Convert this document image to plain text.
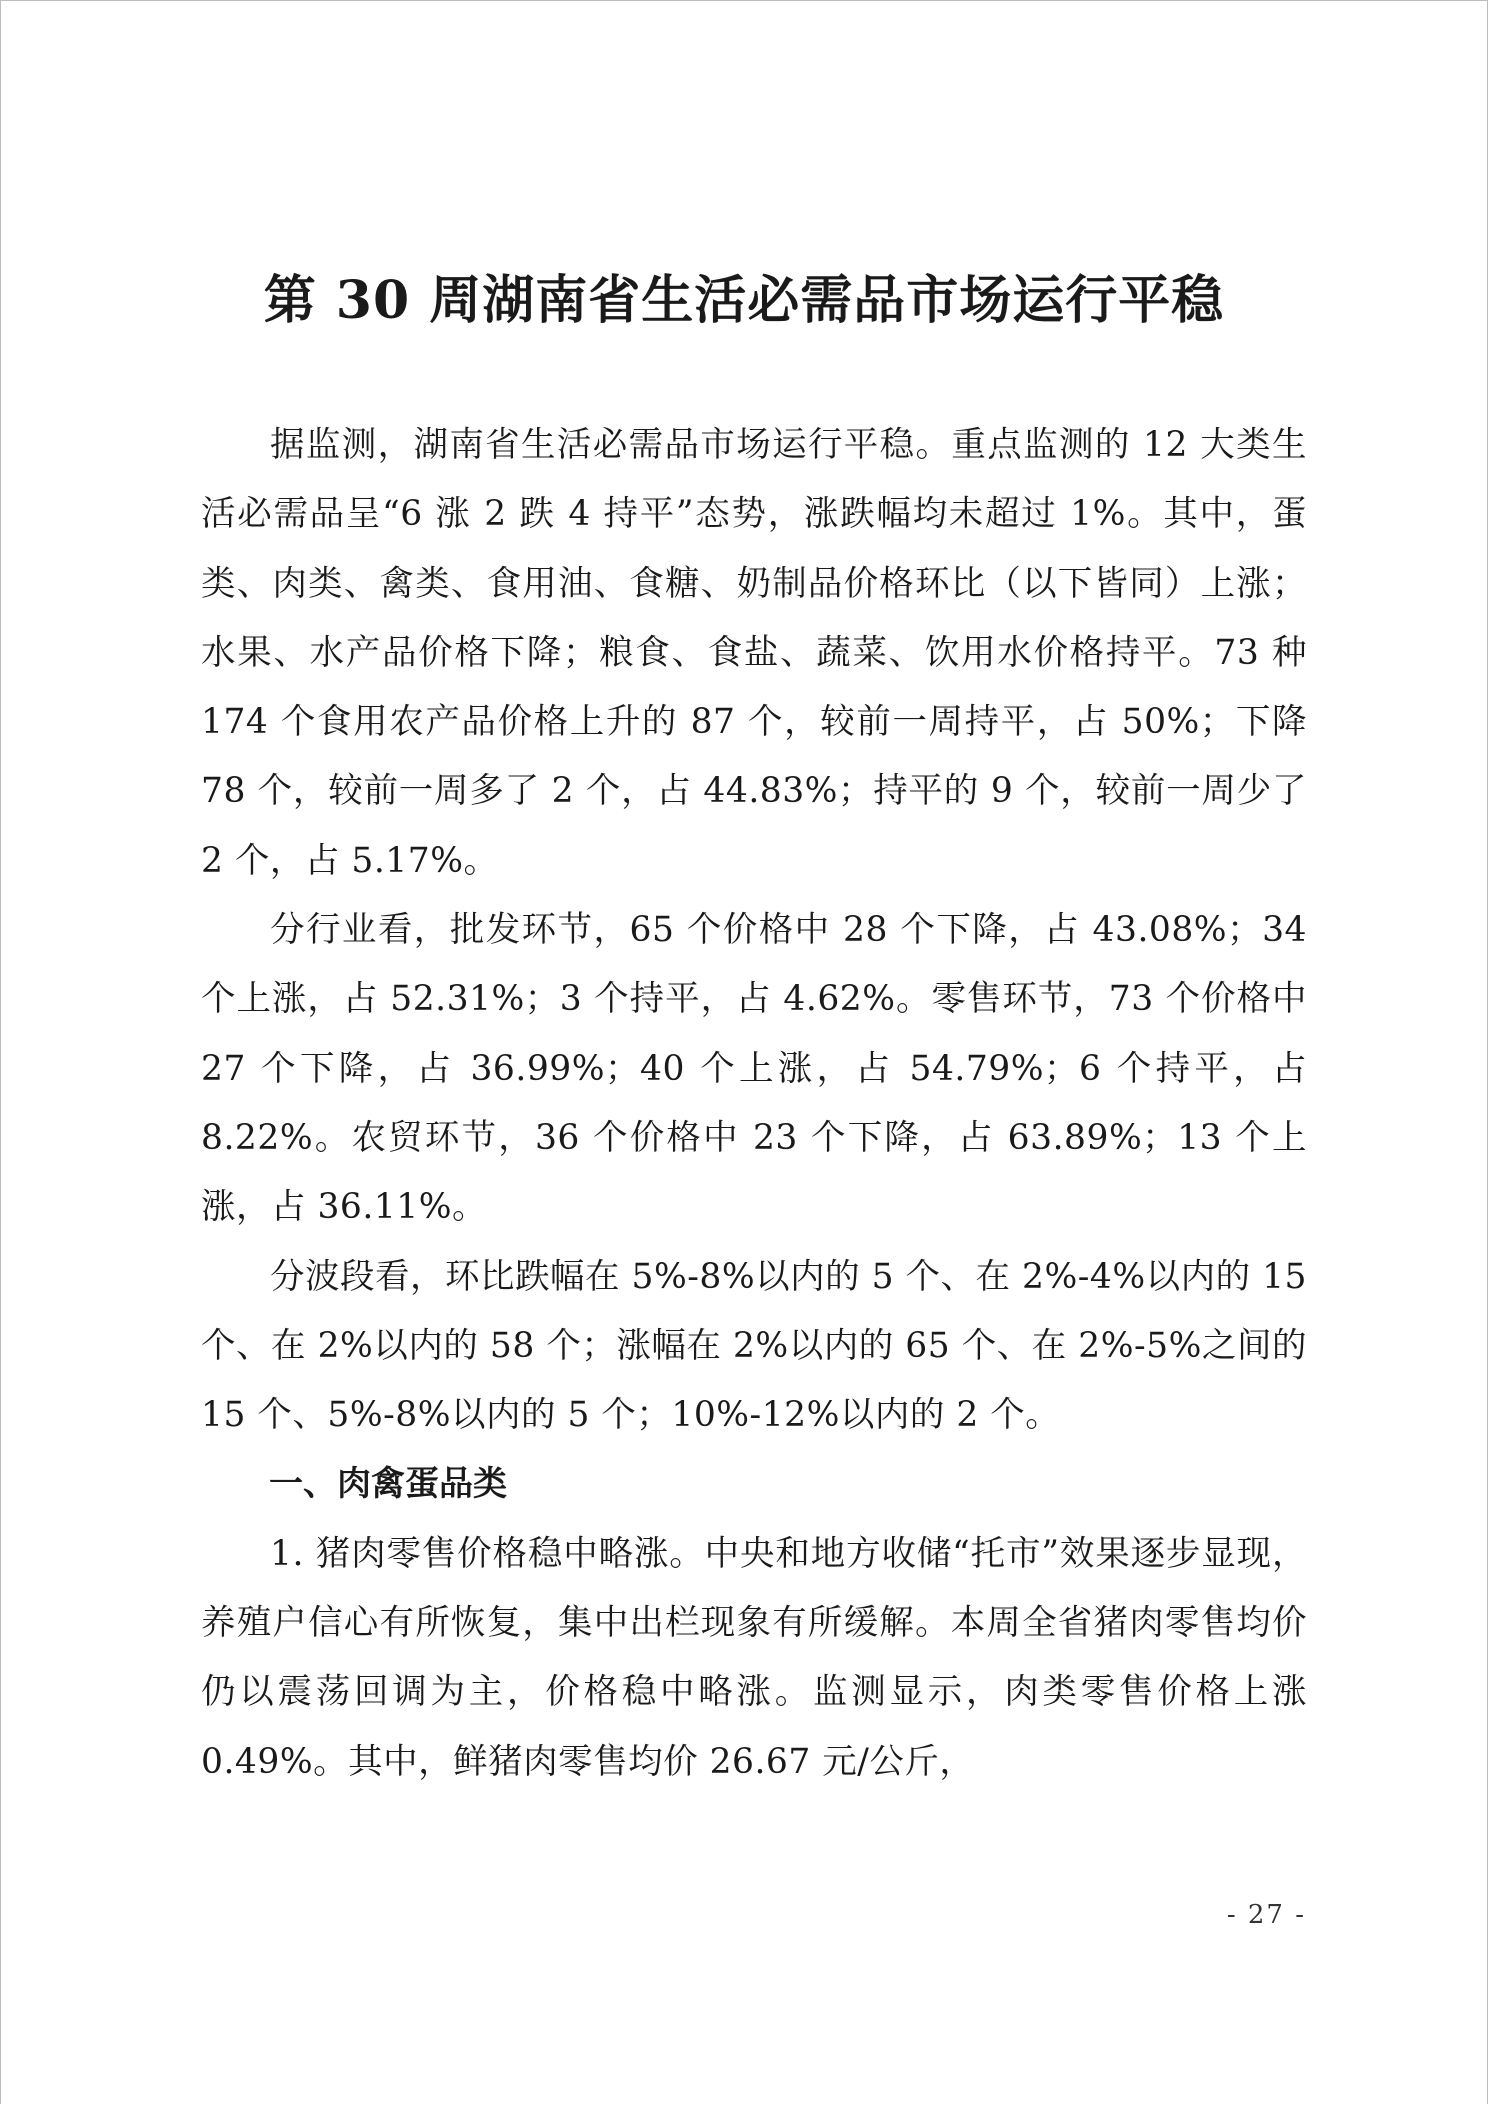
第 30 周湖南省生活必需品市场运行平稳

据监测，湖南省生活必需品市场运行平稳。重点监测的 12 大类生活必需品呈“6 涨 2 跌 4 持平”态势，涨跌幅均未超过 1%。其中，蛋类、肉类、禽类、食用油、食糖、奶制品价格环比（以下皆同）上涨；水果、水产品价格下降；粮食、食盐、蔬菜、饮用水价格持平。73 种 174 个食用农产品价格上升的 87 个，较前一周持平，占 50%；下降 78 个，较前一周多了 2 个，占 44.83%；持平的 9 个，较前一周少了 2 个，占 5.17%。

分行业看，批发环节，65 个价格中 28 个下降，占 43.08%；34 个上涨，占 52.31%；3 个持平，占 4.62%。零售环节，73 个价格中 27 个下降，占 36.99%；40 个上涨，占 54.79%；6 个持平，占 8.22%。农贸环节，36 个价格中 23 个下降，占 63.89%；13 个上涨，占 36.11%。

分波段看，环比跌幅在 5%-8%以内的 5 个、在 2%-4%以内的 15 个、在 2%以内的 58 个；涨幅在 2%以内的 65 个、在 2%-5%之间的 15 个、5%-8%以内的 5 个；10%-12%以内的 2 个。

一、肉禽蛋品类

1. 猪肉零售价格稳中略涨。中央和地方收储“托市”效果逐步显现，养殖户信心有所恢复，集中出栏现象有所缓解。本周全省猪肉零售均价仍以震荡回调为主，价格稳中略涨。监测显示，肉类零售价格上涨 0.49%。其中，鲜猪肉零售均价 26.67 元/公斤，

- 27 -
